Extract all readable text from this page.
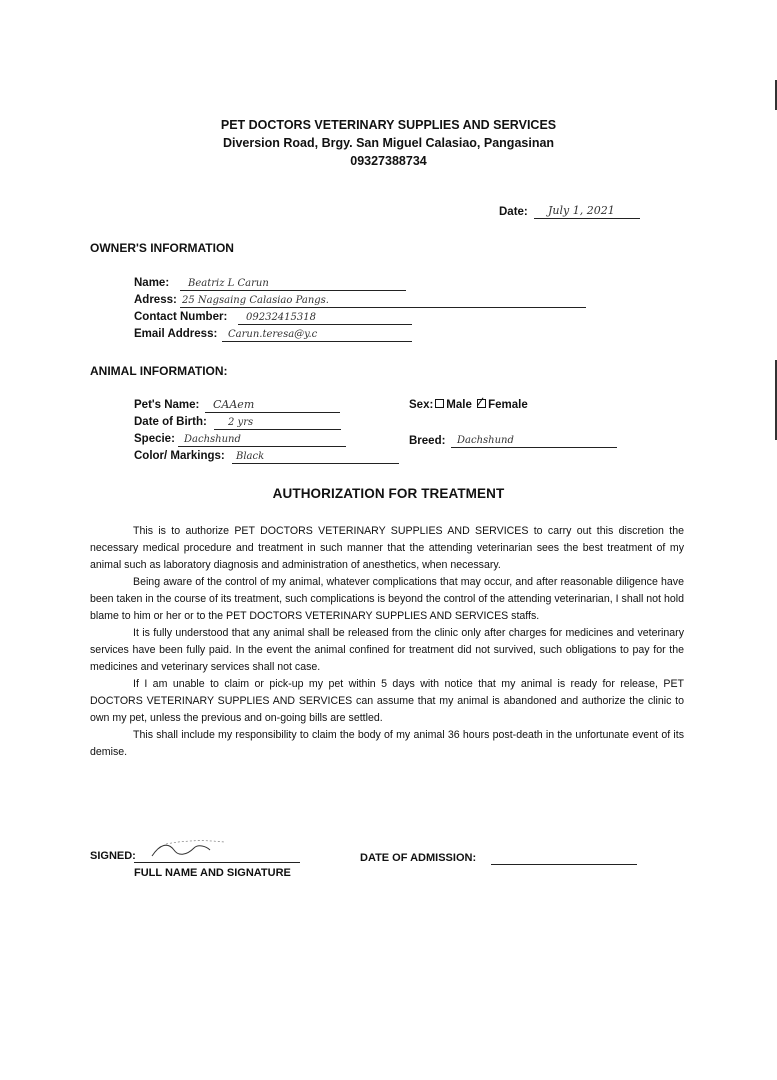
PET DOCTORS VETERINARY SUPPLIES AND SERVICES
Diversion Road, Brgy. San Miguel Calasiao, Pangasinan
09327388734
Date: July 1, 2021
OWNER'S INFORMATION
Name: Beatriz L Carun
Adress: 25 Nagsaing Calasiao Pangs.
Contact Number: 09232415318
Email Address: Carun.teresa@y.c
ANIMAL INFORMATION:
Pet's Name: CAAem
Date of Birth: 2 yrs
Specie: Dachshund
Color/ Markings: Black
Sex: Male Female
Breed: Dachshund
AUTHORIZATION FOR TREATMENT

This is to authorize PET DOCTORS VETERINARY SUPPLIES AND SERVICES to carry out this discretion the necessary medical procedure and treatment in such manner that the attending veterinarian sees the best treatment of my animal such as laboratory diagnosis and administration of anesthetics, when necessary.

Being aware of the control of my animal, whatever complications that may occur, and after reasonable diligence have been taken in the course of its treatment, such complications is beyond the control of the attending veterinarian, I shall not hold blame to him or her or to the PET DOCTORS VETERINARY SUPPLIES AND SERVICES staffs.

It is fully understood that any animal shall be released from the clinic only after charges for medicines and veterinary services have been fully paid. In the event the animal confined for treatment did not survived, such obligations to pay for the medicines and veterinary services shall not case.

If I am unable to claim or pick-up my pet within 5 days with notice that my animal is ready for release, PET DOCTORS VETERINARY SUPPLIES AND SERVICES can assume that my animal is abandoned and authorize the clinic to own my pet, unless the previous and on-going bills are settled.

This shall include my responsibility to claim the body of my animal 36 hours post-death in the unfortunate event of its demise.

SIGNED:
FULL NAME AND SIGNATURE
DATE OF ADMISSION:
